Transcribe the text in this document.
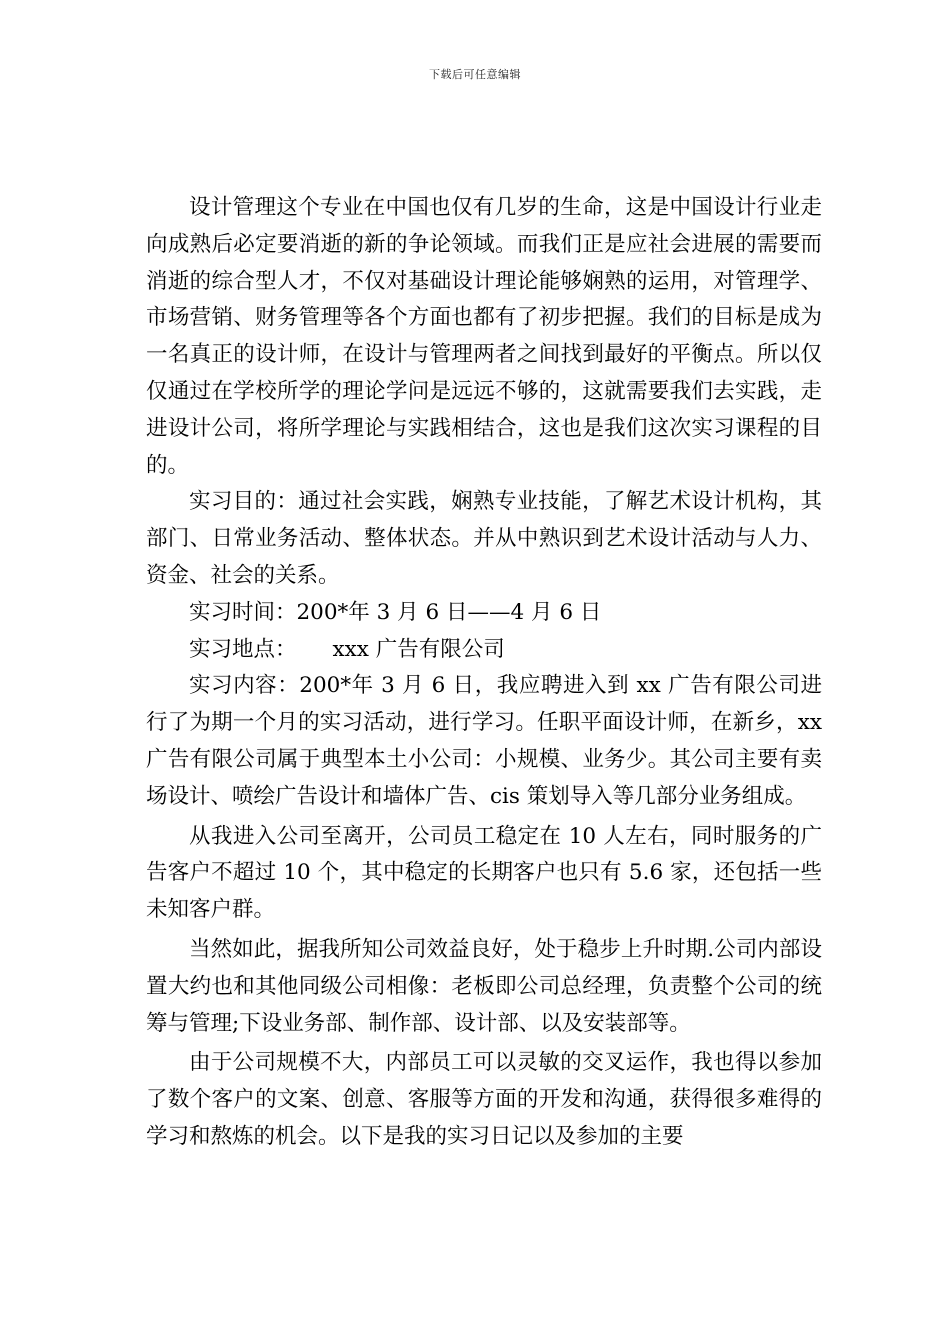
下载后可任意编辑

设计管理这个专业在中国也仅有几岁的生命，这是中国设计行业走向成熟后必定要消逝的新的争论领域。而我们正是应社会进展的需要而消逝的综合型人才，不仅对基础设计理论能够娴熟的运用，对管理学、市场营销、财务管理等各个方面也都有了初步把握。我们的目标是成为一名真正的设计师，在设计与管理两者之间找到最好的平衡点。所以仅仅通过在学校所学的理论学问是远远不够的，这就需要我们去实践，走进设计公司，将所学理论与实践相结合，这也是我们这次实习课程的目的。

实习目的：通过社会实践，娴熟专业技能，了解艺术设计机构，其部门、日常业务活动、整体状态。并从中熟识到艺术设计活动与人力、资金、社会的关系。

实习时间：200*年 3 月 6 日——4 月 6 日

实习地点： xxx 广告有限公司

实习内容：200*年 3 月 6 日，我应聘进入到 xx 广告有限公司进行了为期一个月的实习活动，进行学习。任职平面设计师，在新乡，xx 广告有限公司属于典型本土小公司：小规模、业务少。其公司主要有卖场设计、喷绘广告设计和墙体广告、cis 策划导入等几部分业务组成。

从我进入公司至离开，公司员工稳定在 10 人左右，同时服务的广告客户不超过 10 个，其中稳定的长期客户也只有 5.6 家，还包括一些未知客户群。

当然如此，据我所知公司效益良好，处于稳步上升时期.公司内部设置大约也和其他同级公司相像：老板即公司总经理，负责整个公司的统筹与管理;下设业务部、制作部、设计部、以及安装部等。

由于公司规模不大，内部员工可以灵敏的交叉运作，我也得以参加了数个客户的文案、创意、客服等方面的开发和沟通，获得很多难得的学习和熬炼的机会。以下是我的实习日记以及参加的主要
